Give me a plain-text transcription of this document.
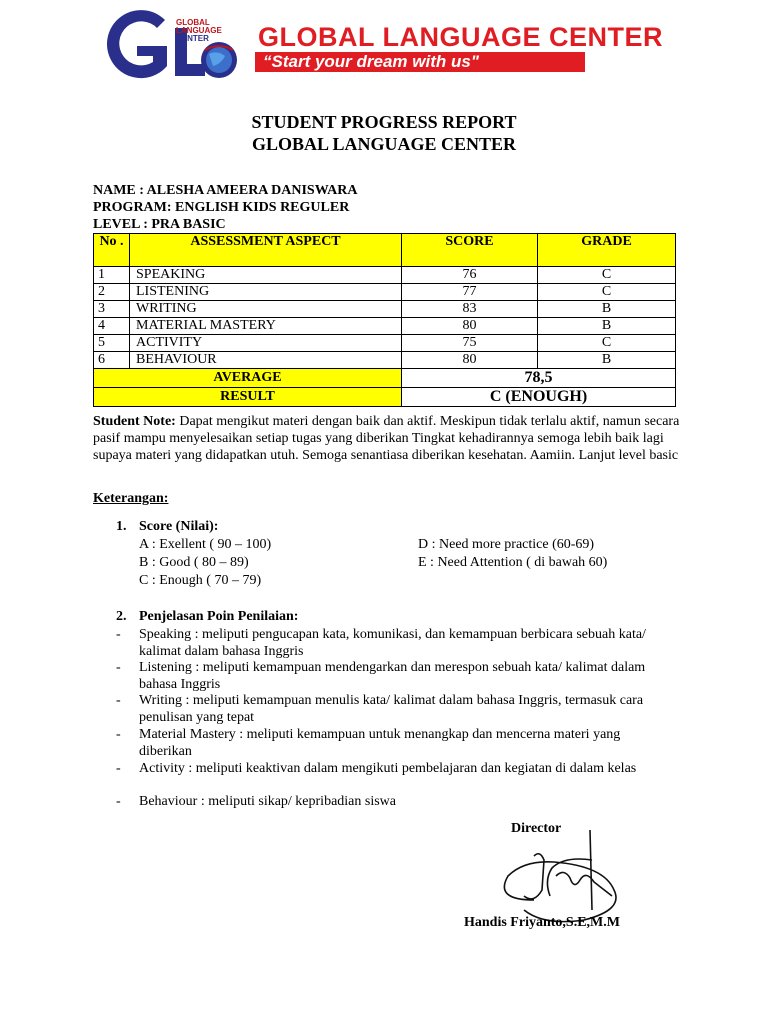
GLOBAL
LANGUAGE
CENTER	GLOBAL LANGUAGE CENTER
“Start your dream with us"
STUDENT PROGRESS REPORT
GLOBAL LANGUAGE CENTER
NAME : ALESHA AMEERA DANISWARA
PROGRAM: ENGLISH KIDS REGULER
LEVEL : PRA BASIC
No .	ASSESSMENT ASPECT	SCORE	GRADE
1	SPEAKING	76	C
2	LISTENING	77	C
3	WRITING	83	B
4	MATERIAL MASTERY	80	B
5	ACTIVITY	75	C
6	BEHAVIOUR	80	B
AVERAGE		78,5	
RESULT		C (ENOUGH)	
Student Note: Dapat mengikut materi dengan baik dan aktif. Meskipun tidak terlalu aktif, namun secara pasif mampu menyelesaikan setiap tugas yang diberikan Tingkat kehadirannya semoga lebih baik lagi supaya materi yang didapatkan utuh. Semoga senantiasa diberikan kesehatan. Aamiin. Lanjut level basic
Keterangan:
1. Score (Nilai):
A : Exellent ( 90 – 100)
B : Good ( 80 – 89)
C : Enough ( 70 – 79)
D : Need more practice (60-69)
E : Need Attention ( di bawah 60)
2. Penjelasan Poin Penilaian:
- Speaking : meliputi pengucapan kata, komunikasi, dan kemampuan berbicara sebuah kata/ kalimat dalam bahasa Inggris
- Listening : meliputi kemampuan mendengarkan dan merespon sebuah kata/ kalimat dalam bahasa Inggris
- Writing : meliputi kemampuan menulis kata/ kalimat dalam bahasa Inggris, termasuk cara penulisan yang tepat
- Material Mastery : meliputi kemampuan untuk menangkap dan mencerna materi yang diberikan
- Activity : meliputi keaktivan dalam mengikuti pembelajaran dan kegiatan di dalam kelas
- Behaviour : meliputi sikap/ kepribadian siswa
Director
Handis Friyanto,S.E,M.M
